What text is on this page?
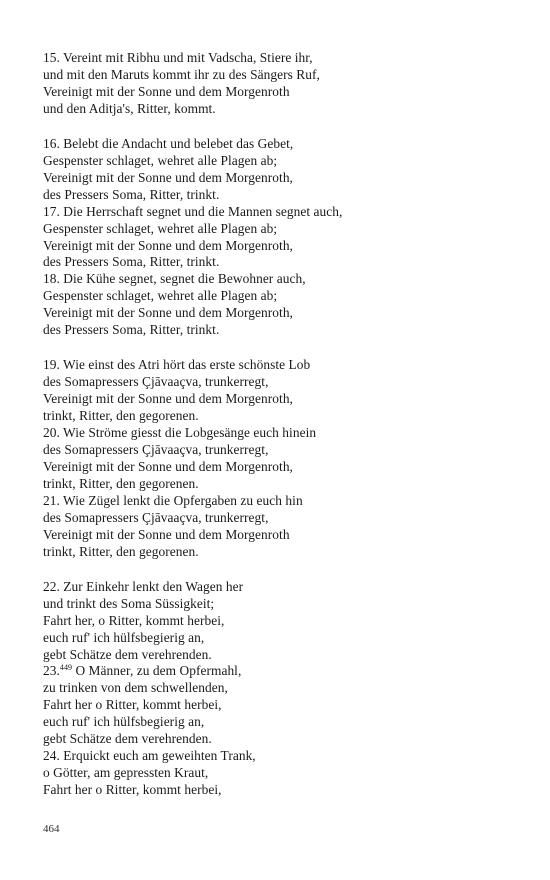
15. Vereint mit Ribhu und mit Vadscha, Stiere ihr,
und mit den Maruts kommt ihr zu des Sängers Ruf,
Vereinigt mit der Sonne und dem Morgenroth
und den Aditja's, Ritter, kommt.
16. Belebt die Andacht und belebet das Gebet,
Gespenster schlaget, wehret alle Plagen ab;
Vereinigt mit der Sonne und dem Morgenroth,
des Pressers Soma, Ritter, trinkt.
17. Die Herrschaft segnet und die Mannen segnet auch,
Gespenster schlaget, wehret alle Plagen ab;
Vereinigt mit der Sonne und dem Morgenroth,
des Pressers Soma, Ritter, trinkt.
18. Die Kühe segnet, segnet die Bewohner auch,
Gespenster schlaget, wehret alle Plagen ab;
Vereinigt mit der Sonne und dem Morgenroth,
des Pressers Soma, Ritter, trinkt.
19. Wie einst des Atri hört das erste schönste Lob
des Somapressers Çjāvaaçva, trunkerregt,
Vereinigt mit der Sonne und dem Morgenroth,
trinkt, Ritter, den gegorenen.
20. Wie Ströme giesst die Lobgesänge euch hinein
des Somapressers Çjāvaaçva, trunkerregt,
Vereinigt mit der Sonne und dem Morgenroth,
trinkt, Ritter, den gegorenen.
21. Wie Zügel lenkt die Opfergaben zu euch hin
des Somapressers Çjāvaaçva, trunkerregt,
Vereinigt mit der Sonne und dem Morgenroth
trinkt, Ritter, den gegorenen.
22. Zur Einkehr lenkt den Wagen her
und trinkt des Soma Süssigkeit;
Fahrt her, o Ritter, kommt herbei,
euch ruf' ich hülfsbegierig an,
gebt Schätze dem verehrenden.
23.$^{449}$ O Männer, zu dem Opfermahl,
zu trinken von dem schwellenden,
Fahrt her o Ritter, kommt herbei,
euch ruf' ich hülfsbegierig an,
gebt Schätze dem verehrenden.
24. Erquickt euch am geweihten Trank,
o Götter, am gepressten Kraut,
Fahrt her o Ritter, kommt herbei,
464
